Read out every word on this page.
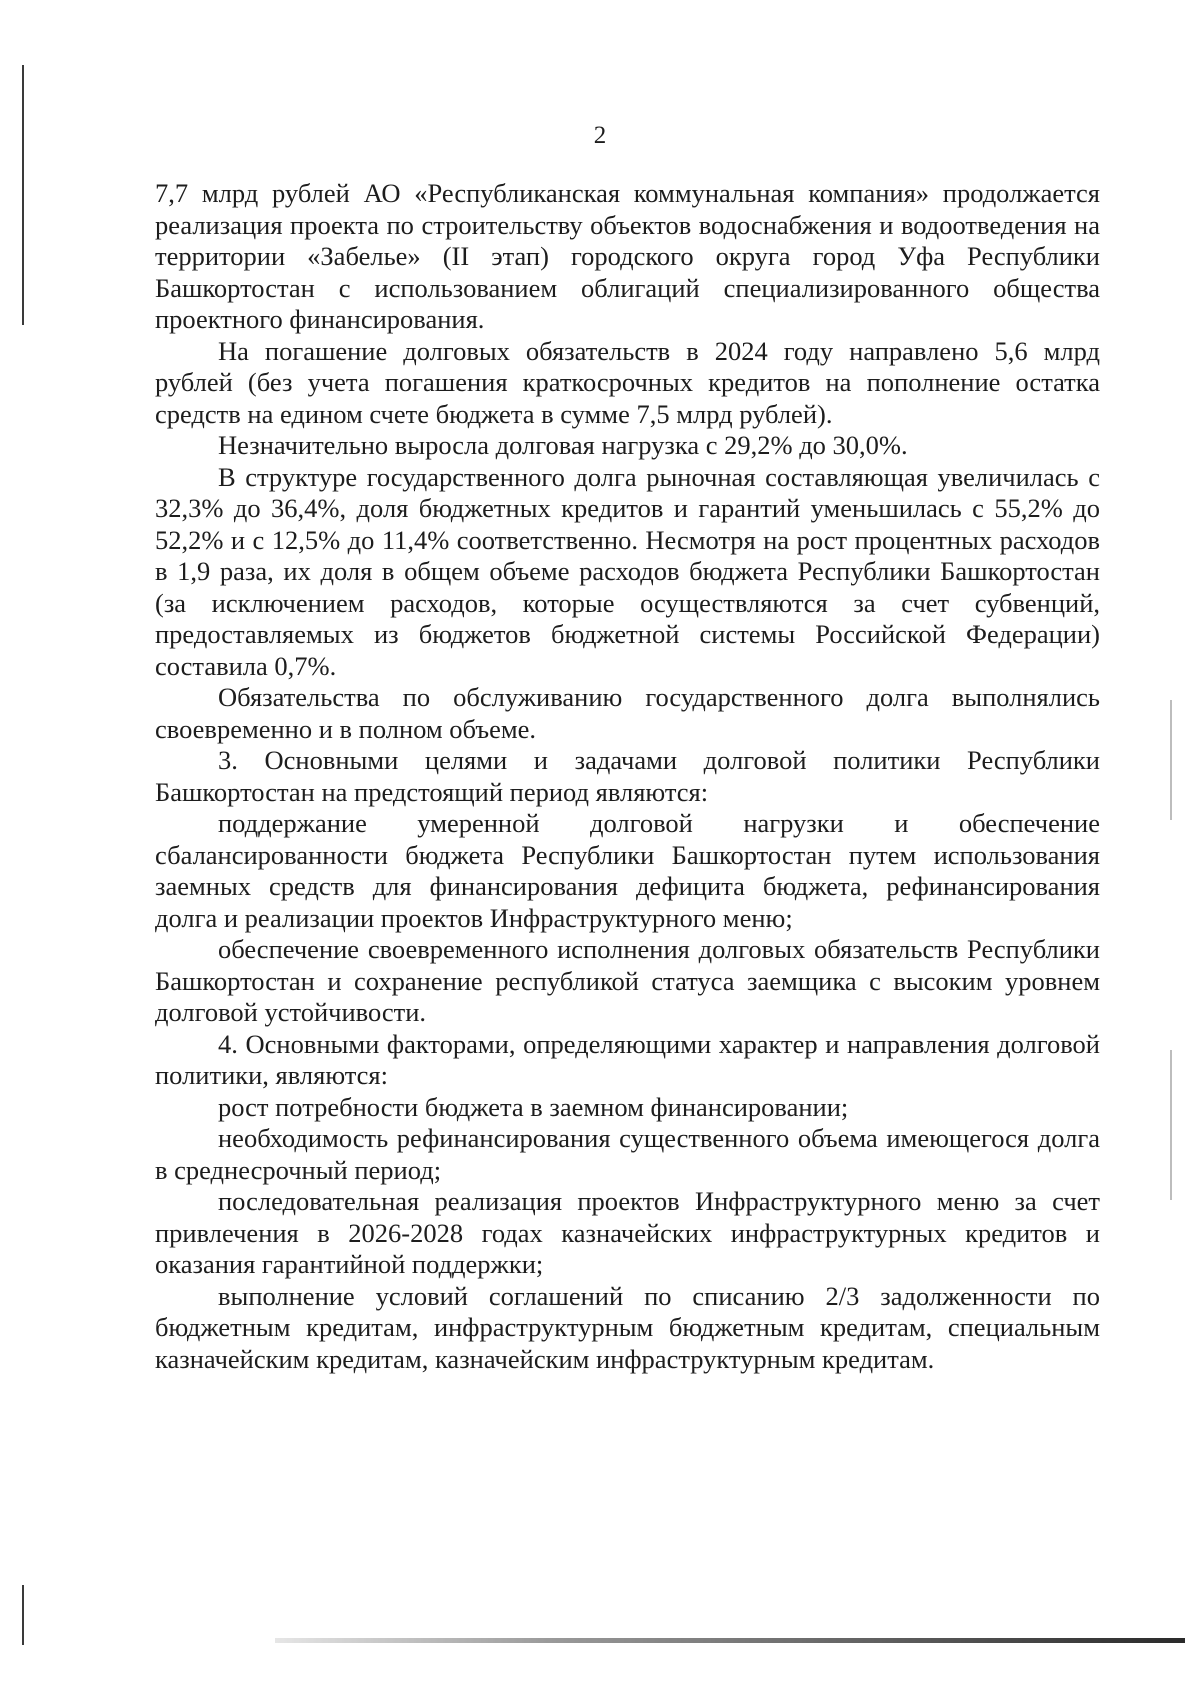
2

7,7 млрд рублей АО «Республиканская коммунальная компания» продолжается реализация проекта по строительству объектов водоснабжения и водоотведения на территории «Забелье» (II этап) городского округа город Уфа Республики Башкортостан с использованием облигаций специализированного общества проектного финансирования.

На погашение долговых обязательств в 2024 году направлено 5,6 млрд рублей (без учета погашения краткосрочных кредитов на пополнение остатка средств на едином счете бюджета в сумме 7,5 млрд рублей).

Незначительно выросла долговая нагрузка с 29,2% до 30,0%.

В структуре государственного долга рыночная составляющая увеличилась с 32,3% до 36,4%, доля бюджетных кредитов и гарантий уменьшилась с 55,2% до 52,2% и с 12,5% до 11,4% соответственно. Несмотря на рост процентных расходов в 1,9 раза, их доля в общем объеме расходов бюджета Республики Башкортостан (за исключением расходов, которые осуществляются за счет субвенций, предоставляемых из бюджетов бюджетной системы Российской Федерации) составила 0,7%.

Обязательства по обслуживанию государственного долга выполнялись своевременно и в полном объеме.

3. Основными целями и задачами долговой политики Республики Башкортостан на предстоящий период являются:

поддержание умеренной долговой нагрузки и обеспечение сбалансированности бюджета Республики Башкортостан путем использования заемных средств для финансирования дефицита бюджета, рефинансирования долга и реализации проектов Инфраструктурного меню;

обеспечение своевременного исполнения долговых обязательств Республики Башкортостан и сохранение республикой статуса заемщика с высоким уровнем долговой устойчивости.

4. Основными факторами, определяющими характер и направления долговой политики, являются:

рост потребности бюджета в заемном финансировании;

необходимость рефинансирования существенного объема имеющегося долга в среднесрочный период;

последовательная реализация проектов Инфраструктурного меню за счет привлечения в 2026-2028 годах казначейских инфраструктурных кредитов и оказания гарантийной поддержки;

выполнение условий соглашений по списанию 2/3 задолженности по бюджетным кредитам, инфраструктурным бюджетным кредитам, специальным казначейским кредитам, казначейским инфраструктурным кредитам.
